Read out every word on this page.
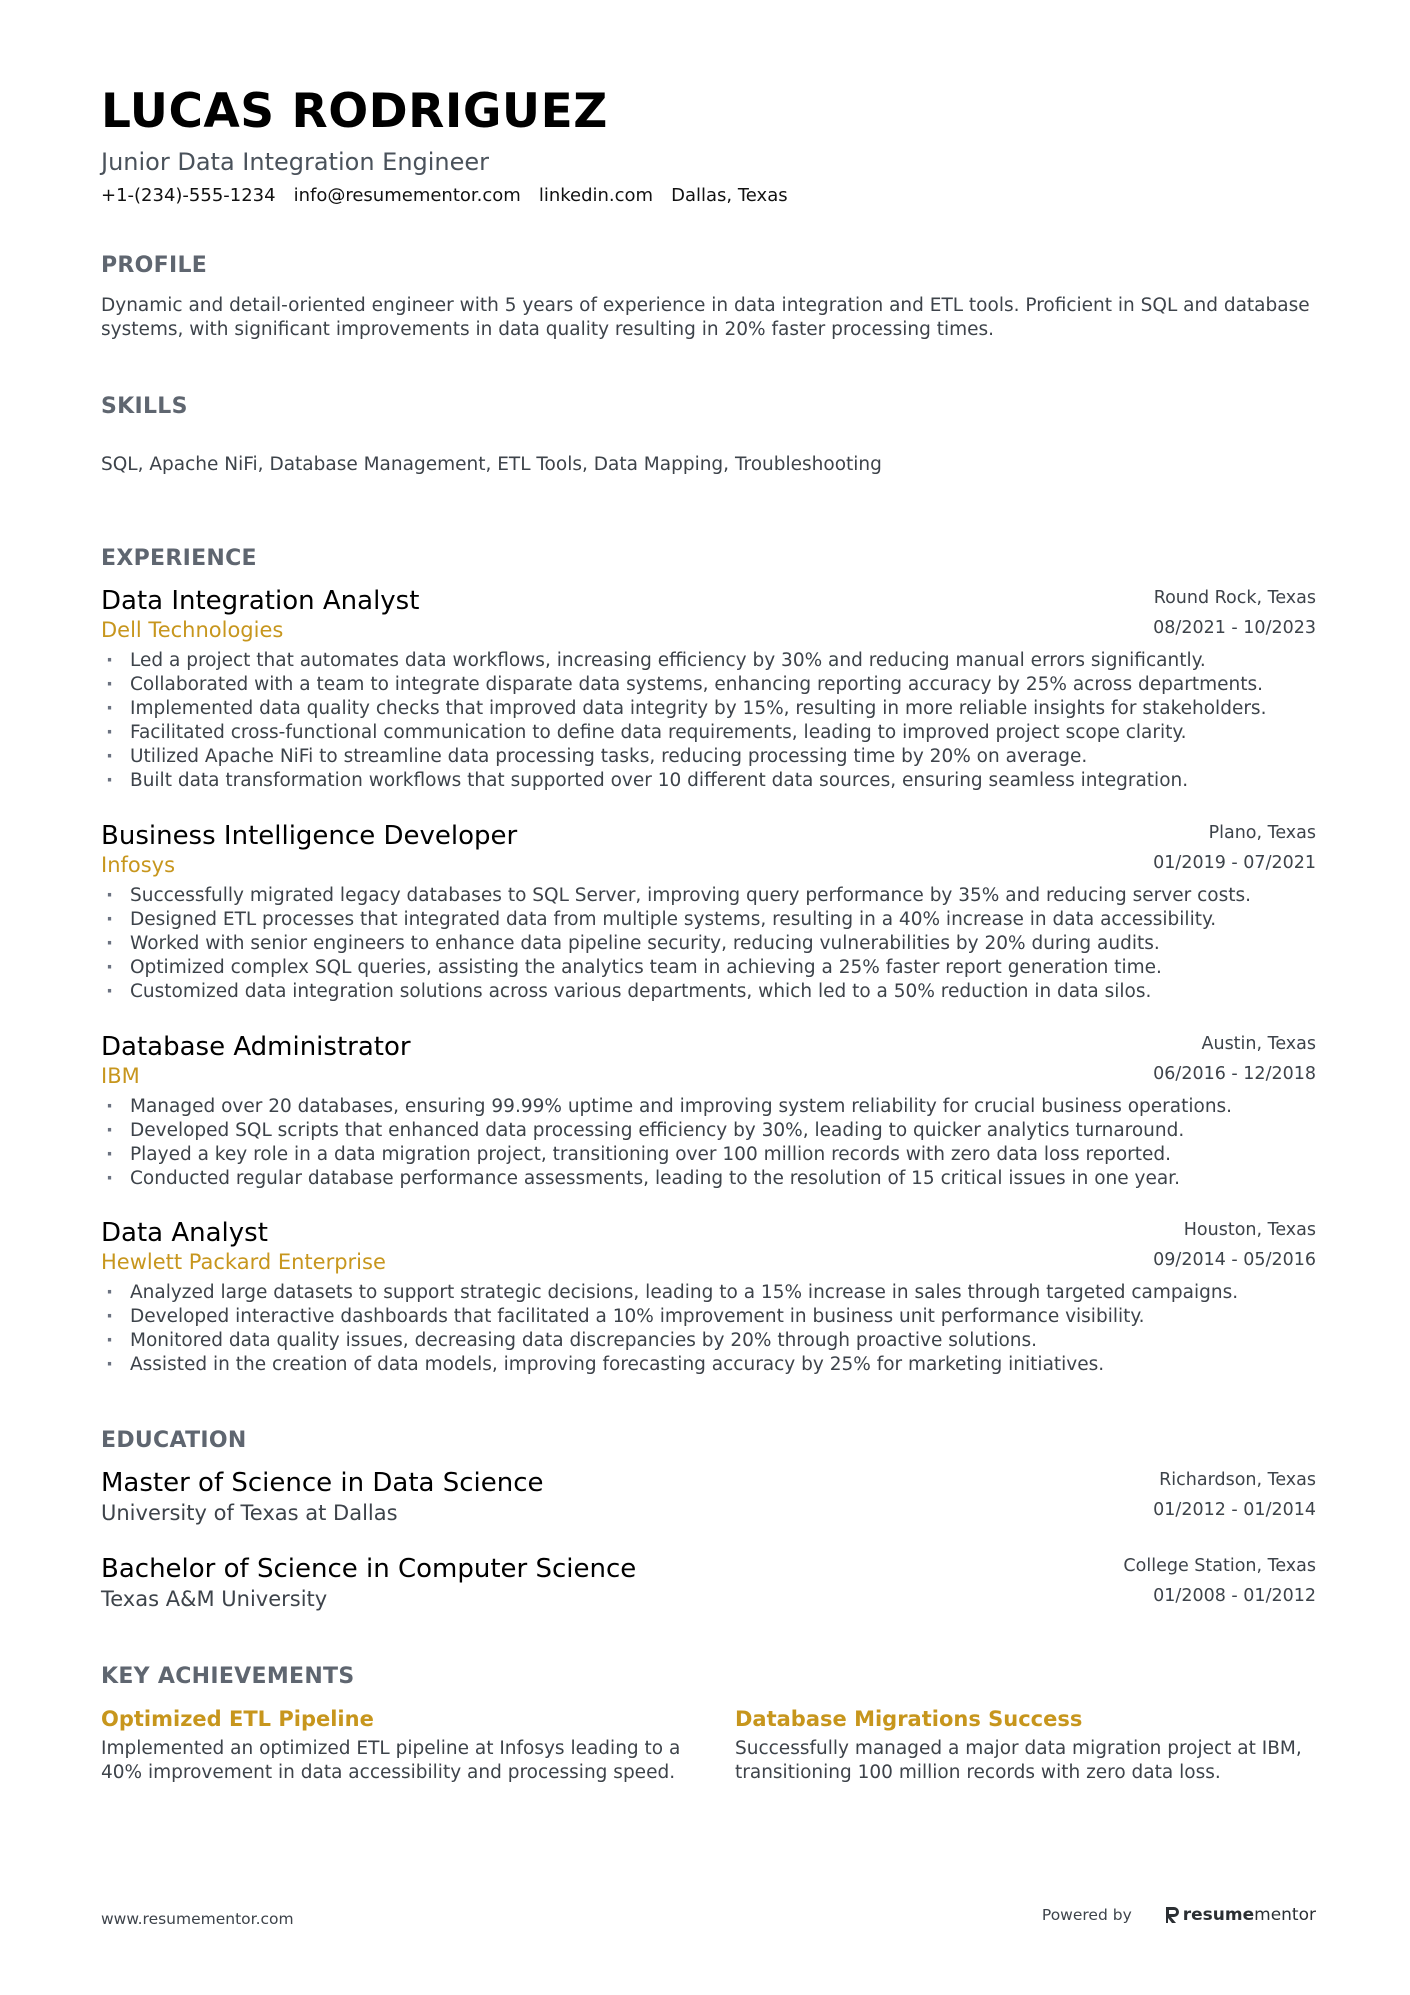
LUCAS RODRIGUEZ
Junior Data Integration Engineer
+1-(234)-555-1234 info@resumementor.com linkedin.com Dallas, Texas
PROFILE
Dynamic and detail-oriented engineer with 5 years of experience in data integration and ETL tools. Proficient in SQL and database systems, with significant improvements in data quality resulting in 20% faster processing times.
SKILLS
SQL, Apache NiFi, Database Management, ETL Tools, Data Mapping, Troubleshooting
EXPERIENCE
Data Integration Analyst
Dell Technologies
Round Rock, Texas
08/2021 - 10/2023
· Led a project that automates data workflows, increasing efficiency by 30% and reducing manual errors significantly.
· Collaborated with a team to integrate disparate data systems, enhancing reporting accuracy by 25% across departments.
· Implemented data quality checks that improved data integrity by 15%, resulting in more reliable insights for stakeholders.
· Facilitated cross-functional communication to define data requirements, leading to improved project scope clarity.
· Utilized Apache NiFi to streamline data processing tasks, reducing processing time by 20% on average.
· Built data transformation workflows that supported over 10 different data sources, ensuring seamless integration.
Business Intelligence Developer
Infosys
Plano, Texas
01/2019 - 07/2021
· Successfully migrated legacy databases to SQL Server, improving query performance by 35% and reducing server costs.
· Designed ETL processes that integrated data from multiple systems, resulting in a 40% increase in data accessibility.
· Worked with senior engineers to enhance data pipeline security, reducing vulnerabilities by 20% during audits.
· Optimized complex SQL queries, assisting the analytics team in achieving a 25% faster report generation time.
· Customized data integration solutions across various departments, which led to a 50% reduction in data silos.
Database Administrator
IBM
Austin, Texas
06/2016 - 12/2018
· Managed over 20 databases, ensuring 99.99% uptime and improving system reliability for crucial business operations.
· Developed SQL scripts that enhanced data processing efficiency by 30%, leading to quicker analytics turnaround.
· Played a key role in a data migration project, transitioning over 100 million records with zero data loss reported.
· Conducted regular database performance assessments, leading to the resolution of 15 critical issues in one year.
Data Analyst
Hewlett Packard Enterprise
Houston, Texas
09/2014 - 05/2016
· Analyzed large datasets to support strategic decisions, leading to a 15% increase in sales through targeted campaigns.
· Developed interactive dashboards that facilitated a 10% improvement in business unit performance visibility.
· Monitored data quality issues, decreasing data discrepancies by 20% through proactive solutions.
· Assisted in the creation of data models, improving forecasting accuracy by 25% for marketing initiatives.
EDUCATION
Master of Science in Data Science
University of Texas at Dallas
Richardson, Texas
01/2012 - 01/2014
Bachelor of Science in Computer Science
Texas A&M University
College Station, Texas
01/2008 - 01/2012
KEY ACHIEVEMENTS
Optimized ETL Pipeline
Implemented an optimized ETL pipeline at Infosys leading to a 40% improvement in data accessibility and processing speed.
Database Migrations Success
Successfully managed a major data migration project at IBM, transitioning 100 million records with zero data loss.
www.resumementor.com	Powered by	resumementor
